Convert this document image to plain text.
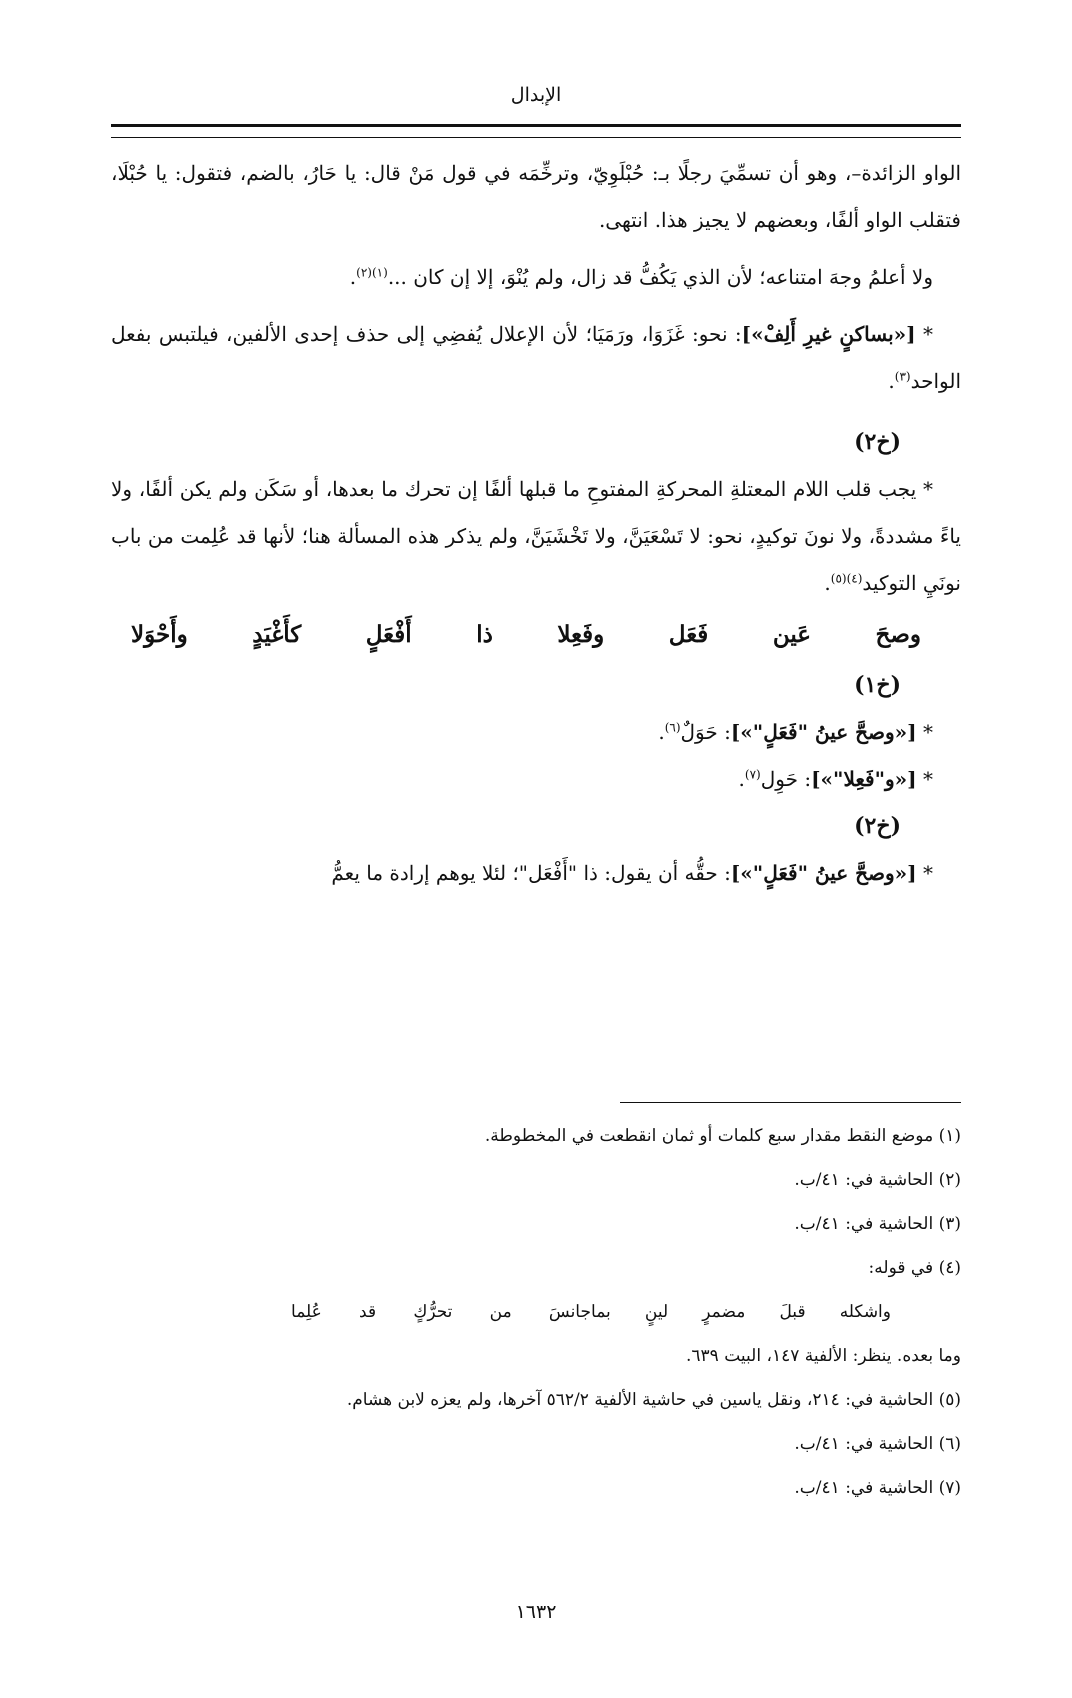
الإبدال

الواو الزائدة–، وهو أن تسمِّيَ رجلًا بـ: حُبْلَوِيّ، وترخِّمَه في قول مَنْ قال: يا حَارُ، بالضم، فتقول: يا حُبْلَا، فتقلب الواو ألفًا، وبعضهم لا يجيز هذا. انتهى.

ولا أعلمُ وجهَ امتناعه؛ لأن الذي يَكُفُّ قد زال، ولم يُنْوَ، إلا إن كان ...$^{(١)(٢)}$.

* [«بساكنٍ غيرِ أَلِفْ»]: نحو: غَزَوَا، ورَمَيَا؛ لأن الإعلال يُفضِي إلى حذف إحدى الألفين، فيلتبس بفعل الواحد$^{(٣)}$.

(خ٢)

* يجب قلب اللام المعتلةِ المحركةِ المفتوحِ ما قبلها ألفًا إن تحرك ما بعدها، أو سَكَن ولم يكن ألفًا، ولا ياءً مشددةً، ولا نونَ توكيدٍ، نحو: لا تَسْعَيَنَّ، ولا تَخْشَيَنَّ، ولم يذكر هذه المسألة هنا؛ لأنها قد عُلِمت من باب نونَيِ التوكيد$^{(٤)(٥)}$.

وصحَ
عَين
فَعَل
وفَعِلا
ذا
أَفْعَلٍ
كأَغْيَدٍ
وأَحْوَلا

(خ١)

* [«وصحَّ عينُ "فَعَلٍ"»]: حَوَلٌ$^{(٦)}$.

* [«و"فَعِلا"»]: حَوِل$^{(٧)}$.

(خ٢)

* [«وصحَّ عينُ "فَعَلٍ"»]: حقُّه أن يقول: ذا "أَفْعَل"؛ لئلا يوهم إرادة ما يعمُّ

(١) موضع النقط مقدار سبع كلمات أو ثمان انقطعت في المخطوطة.

(٢) الحاشية في: ٤١/ب.

(٣) الحاشية في: ٤١/ب.

(٤) في قوله:

واشكله
قبلَ
مضمرٍ
لينٍ
بما
جانسَ
من
تحرُّكٍ
قد
عُلِما

وما بعده. ينظر: الألفية ١٤٧، البيت ٦٣٩.

(٥) الحاشية في: ٢١٤، ونقل ياسين في حاشية الألفية ٥٦٢/٢ آخرها، ولم يعزه لابن هشام.

(٦) الحاشية في: ٤١/ب.

(٧) الحاشية في: ٤١/ب.

١٦٣٢
